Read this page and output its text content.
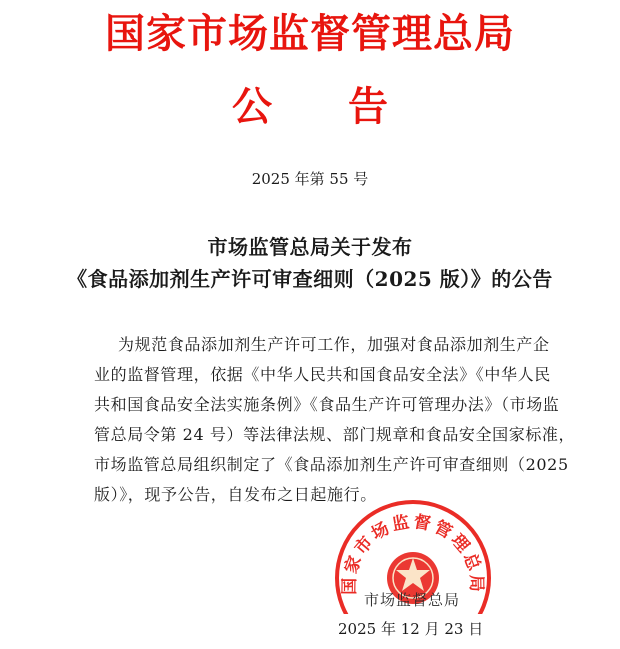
国家市场监督管理总局
公 告
2025 年第 55 号
市场监管总局关于发布
《食品添加剂生产许可审查细则（2025 版）》的公告
为规范食品添加剂生产许可工作，加强对食品添加剂生产企
业的监督管理，依据《中华人民共和国食品安全法》《中华人民
共和国食品安全法实施条例》《食品生产许可管理办法》（市场监
管总局令第 24 号）等法律法规、部门规章和食品安全国家标准，
市场监管总局组织制定了《食品添加剂生产许可审查细则（2025
版）》，现予公告，自发布之日起施行。
国家市场监督管理总局
市场监督总局
2025 年 12 月 23 日
